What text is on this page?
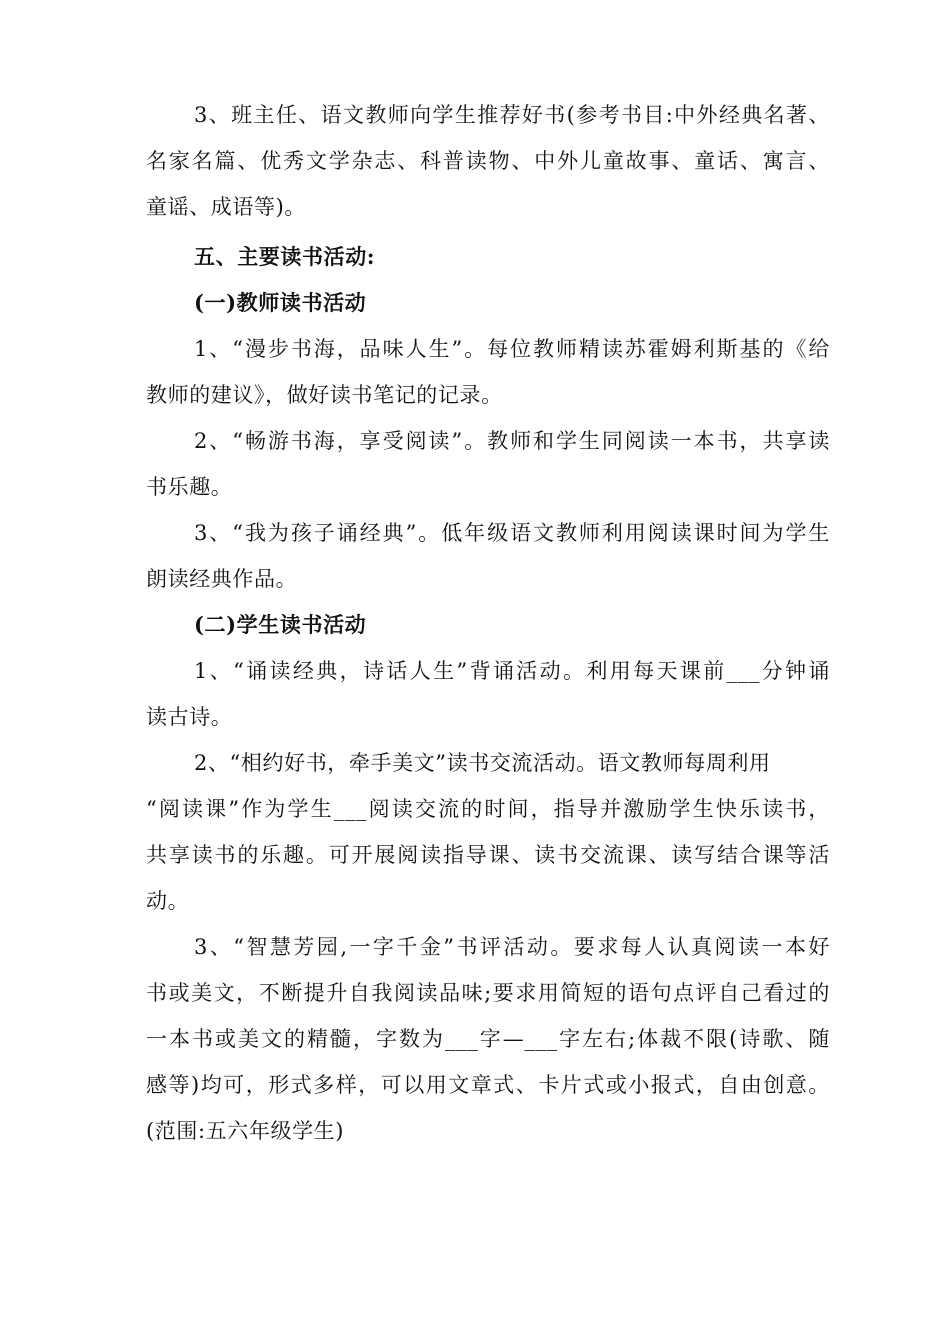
3、班主任、语文教师向学生推荐好书(参考书目:中外经典名著、
名家名篇、优秀文学杂志、科普读物、中外儿童故事、童话、寓言、
童谣、成语等)。
五、主要读书活动:
(一)教师读书活动
1、“漫步书海，品味人生”。每位教师精读苏霍姆利斯基的《给
教师的建议》，做好读书笔记的记录。
2、“畅游书海，享受阅读”。教师和学生同阅读一本书，共享读
书乐趣。
3、“我为孩子诵经典”。低年级语文教师利用阅读课时间为学生
朗读经典作品。
(二)学生读书活动
1、“诵读经典，诗话人生”背诵活动。利用每天课前___分钟诵
读古诗。
2、“相约好书，牵手美文”读书交流活动。语文教师每周利用
“阅读课”作为学生___阅读交流的时间，指导并激励学生快乐读书，
共享读书的乐趣。可开展阅读指导课、读书交流课、读写结合课等活
动。
3、“智慧芳园,一字千金”书评活动。要求每人认真阅读一本好
书或美文，不断提升自我阅读品味;要求用简短的语句点评自己看过的
一本书或美文的精髓，字数为___字—___字左右;体裁不限(诗歌、随
感等)均可，形式多样，可以用文章式、卡片式或小报式，自由创意。
(范围:五六年级学生)
